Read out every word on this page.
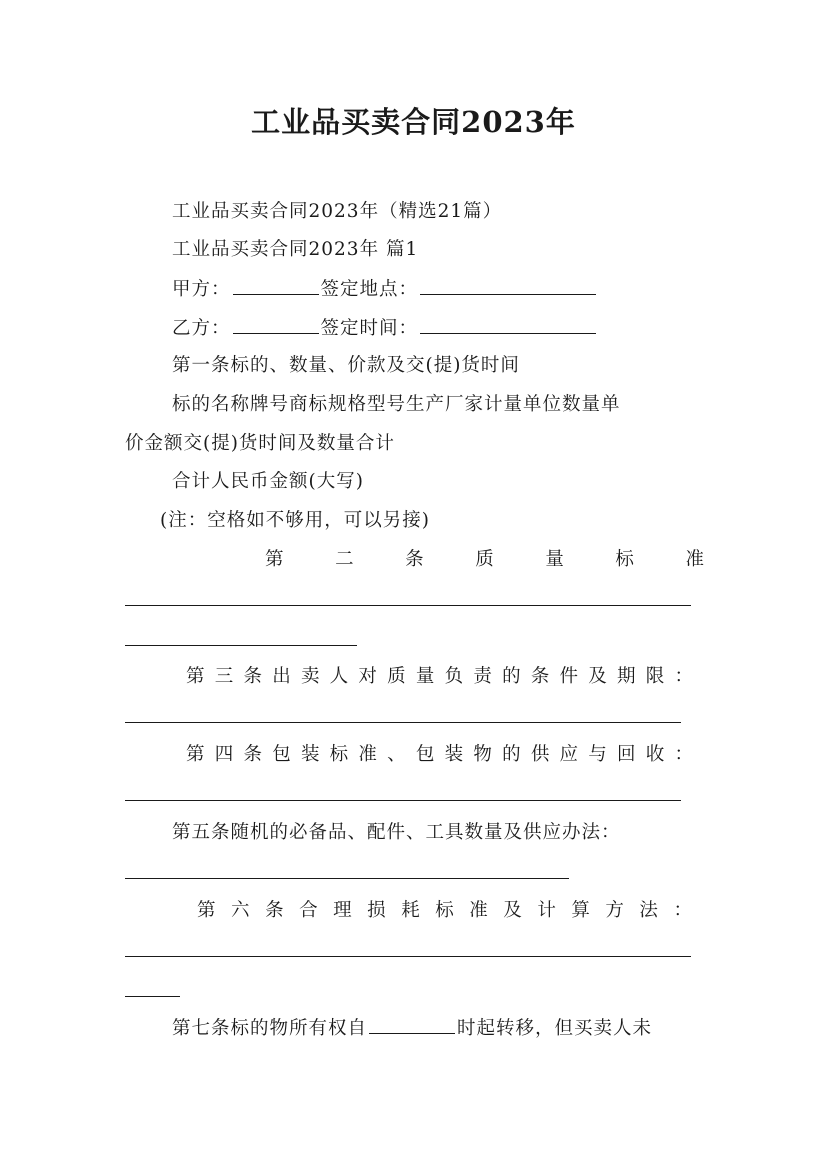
工业品买卖合同2023年
工业品买卖合同2023年（精选21篇）
工业品买卖合同2023年 篇1
甲方：	签定地点：
乙方：	签定时间：
第一条标的、数量、价款及交(提)货时间
标的名称牌号商标规格型号生产厂家计量单位数量单
价金额交(提)货时间及数量合计
合计人民币金额(大写)
(注：空格如不够用，可以另接)
第	二	条	质	量	标	准
第 三 条 出 卖 人 对 质 量 负 责 的 条 件 及 期 限 ：
第 四 条 包 装 标 准 、 包 装 物 的 供 应 与 回 收 ：
第五条随机的必备品、配件、工具数量及供应办法：
第 六 条 合 理 损 耗 标 准 及 计 算 方 法 ：
第七条标的物所有权自	时起转移，但买卖人未
